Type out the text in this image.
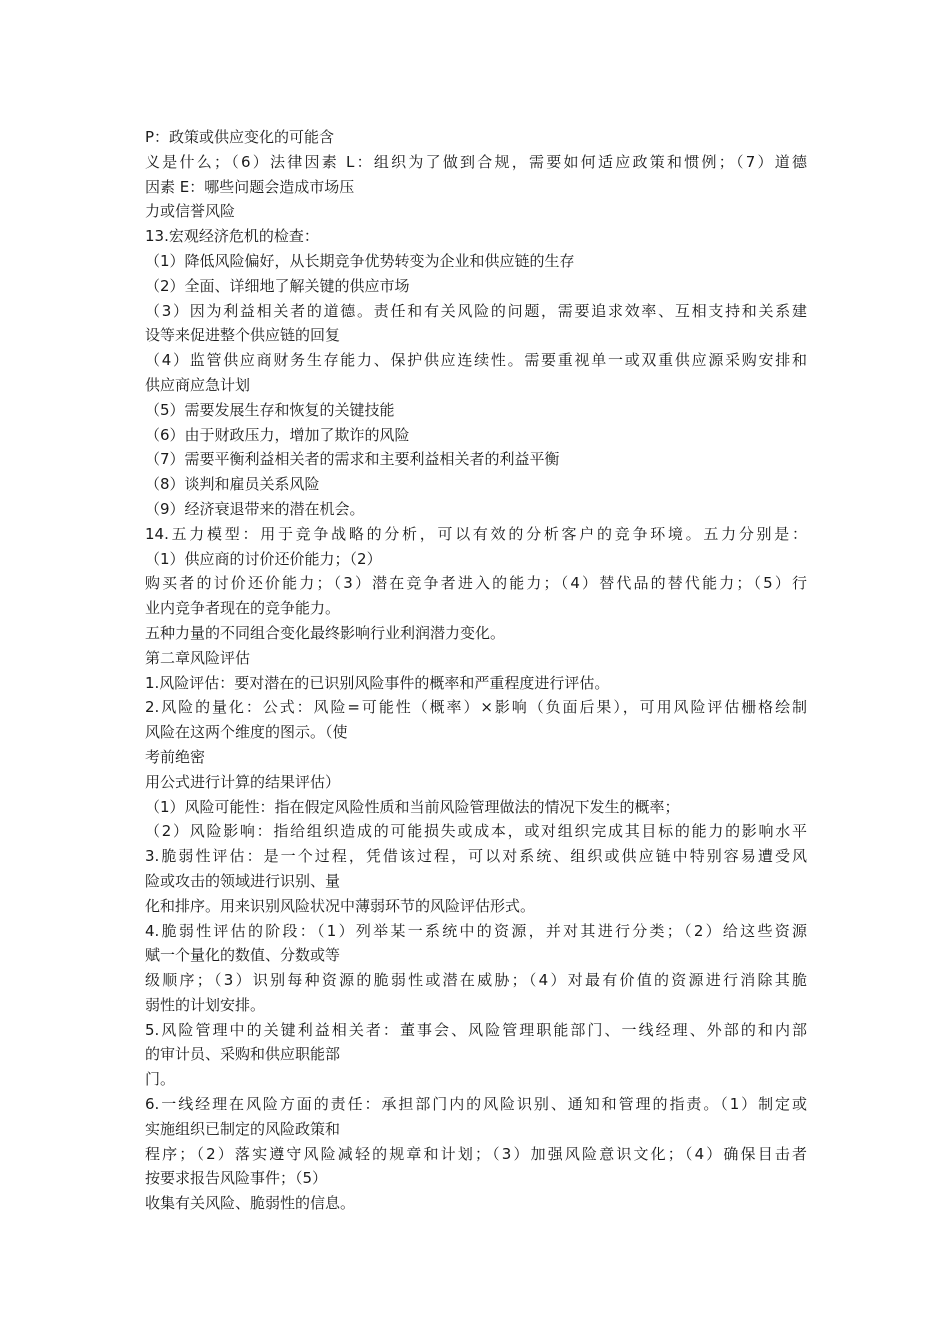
P：政策或供应变化的可能含
义是什么；（6）法律因素 L：组织为了做到合规，需要如何适应政策和惯例；（7）道德
因素 E：哪些问题会造成市场压
力或信誉风险
13.宏观经济危机的检查：
（1）降低风险偏好，从长期竞争优势转变为企业和供应链的生存
（2）全面、详细地了解关键的供应市场
（3）因为利益相关者的道德。责任和有关风险的问题，需要追求效率、互相支持和关系建
设等来促进整个供应链的回复
（4）监管供应商财务生存能力、保护供应连续性。需要重视单一或双重供应源采购安排和
供应商应急计划
（5）需要发展生存和恢复的关键技能
（6）由于财政压力，增加了欺诈的风险
（7）需要平衡利益相关者的需求和主要利益相关者的利益平衡
（8）谈判和雇员关系风险
（9）经济衰退带来的潜在机会。
14.五力模型：用于竞争战略的分析，可以有效的分析客户的竞争环境。五力分别是：
（1）供应商的讨价还价能力；（2）
购买者的讨价还价能力；（3）潜在竞争者进入的能力；（4）替代品的替代能力；（5）行
业内竞争者现在的竞争能力。
五种力量的不同组合变化最终影响行业利润潜力变化。
第二章风险评估
1.风险评估：要对潜在的已识别风险事件的概率和严重程度进行评估。
2.风险的量化：公式：风险=可能性（概率）×影响（负面后果），可用风险评估栅格绘制
风险在这两个维度的图示。（使
考前绝密
用公式进行计算的结果评估）
（1）风险可能性：指在假定风险性质和当前风险管理做法的情况下发生的概率；
（2）风险影响：指给组织造成的可能损失或成本，或对组织完成其目标的能力的影响水平
3.脆弱性评估：是一个过程，凭借该过程，可以对系统、组织或供应链中特别容易遭受风
险或攻击的领域进行识别、量
化和排序。用来识别风险状况中薄弱环节的风险评估形式。
4.脆弱性评估的阶段：（1）列举某一系统中的资源，并对其进行分类；（2）给这些资源
赋一个量化的数值、分数或等
级顺序；（3）识别每种资源的脆弱性或潜在威胁；（4）对最有价值的资源进行消除其脆
弱性的计划安排。
5.风险管理中的关键利益相关者：董事会、风险管理职能部门、一线经理、外部的和内部
的审计员、采购和供应职能部
门。
6.一线经理在风险方面的责任：承担部门内的风险识别、通知和管理的指责。（1）制定或
实施组织已制定的风险政策和
程序；（2）落实遵守风险减轻的规章和计划；（3）加强风险意识文化；（4）确保目击者
按要求报告风险事件；（5）
收集有关风险、脆弱性的信息。
